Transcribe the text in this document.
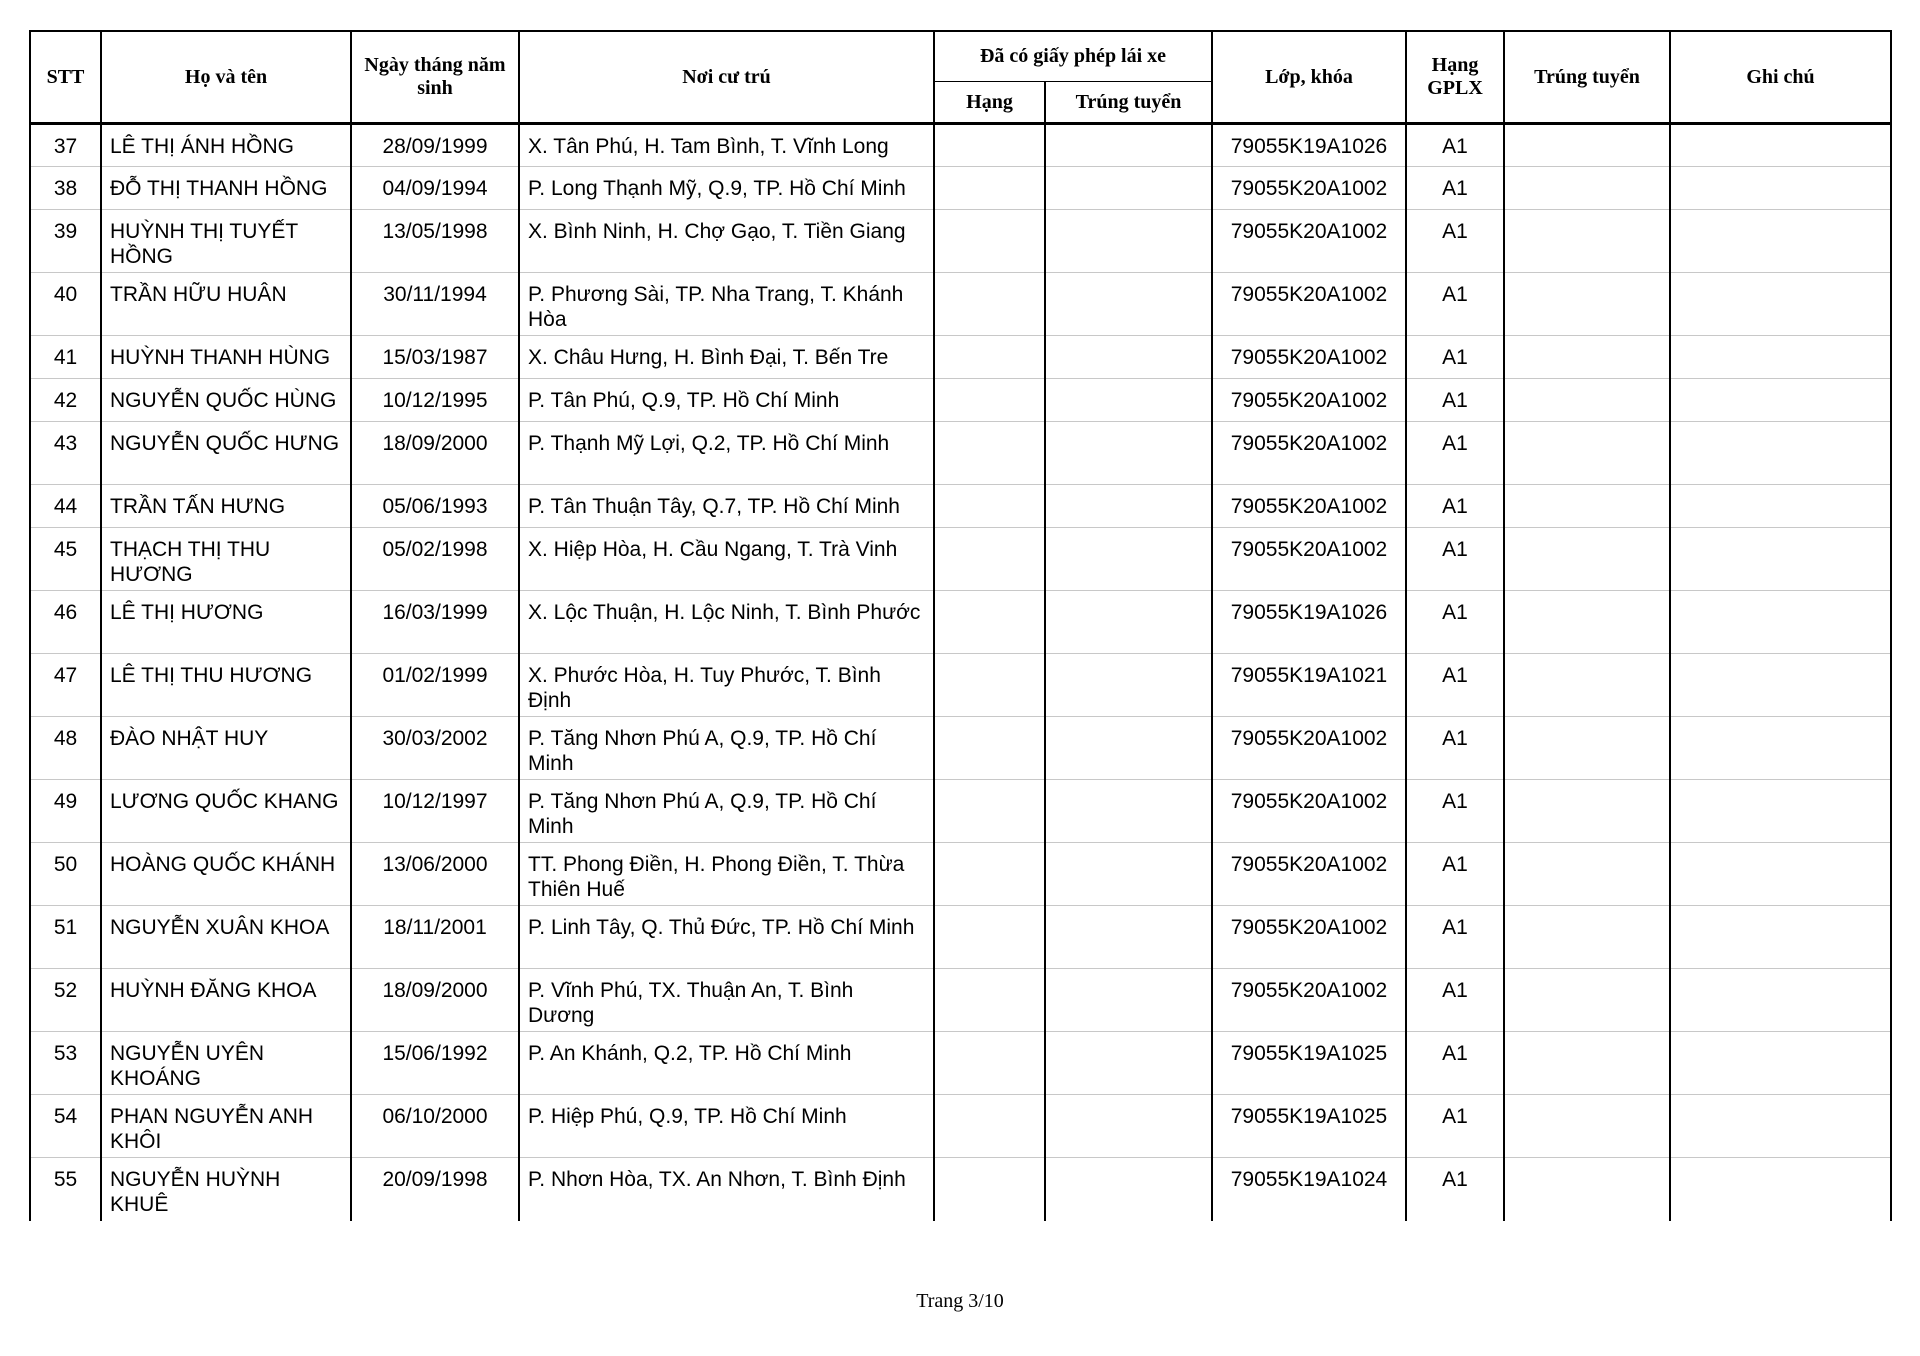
STT	Họ và tên	Ngày tháng năm sinh	Nơi cư trú	Đã có giấy phép lái xe		Lớp, khóa	Hạng GPLX	Trúng tuyển	Ghi chú
				Hạng	Trúng tuyển				
37	LÊ THỊ ÁNH HỒNG	28/09/1999	X. Tân Phú, H. Tam Bình, T. Vĩnh Long			79055K19A1026	A1		
38	ĐỖ THỊ THANH HỒNG	04/09/1994	P. Long Thạnh Mỹ, Q.9, TP. Hồ Chí Minh			79055K20A1002	A1		
39	HUỲNH THỊ TUYẾT HỒNG	13/05/1998	X. Bình Ninh, H. Chợ Gạo, T. Tiền Giang			79055K20A1002	A1		
40	TRẦN HỮU HUÂN	30/11/1994	P. Phương Sài, TP. Nha Trang, T. Khánh Hòa			79055K20A1002	A1		
41	HUỲNH THANH HÙNG	15/03/1987	X. Châu Hưng, H. Bình Đại, T. Bến Tre			79055K20A1002	A1		
42	NGUYỄN QUỐC HÙNG	10/12/1995	P. Tân Phú, Q.9, TP. Hồ Chí Minh			79055K20A1002	A1		
43	NGUYỄN QUỐC HƯNG	18/09/2000	P. Thạnh Mỹ Lợi, Q.2, TP. Hồ Chí Minh			79055K20A1002	A1		
44	TRẦN TẤN HƯNG	05/06/1993	P. Tân Thuận Tây, Q.7, TP. Hồ Chí Minh			79055K20A1002	A1		
45	THẠCH THỊ THU HƯƠNG	05/02/1998	X. Hiệp Hòa, H. Cầu Ngang, T. Trà Vinh			79055K20A1002	A1		
46	LÊ THỊ HƯƠNG	16/03/1999	X. Lộc Thuận, H. Lộc Ninh, T. Bình Phước			79055K19A1026	A1		
47	LÊ THỊ THU HƯƠNG	01/02/1999	X. Phước Hòa, H. Tuy Phước, T. Bình Định			79055K19A1021	A1		
48	ĐÀO NHẬT HUY	30/03/2002	P. Tăng Nhơn Phú A, Q.9, TP. Hồ Chí Minh			79055K20A1002	A1		
49	LƯƠNG QUỐC KHANG	10/12/1997	P. Tăng Nhơn Phú A, Q.9, TP. Hồ Chí Minh			79055K20A1002	A1		
50	HOÀNG QUỐC KHÁNH	13/06/2000	TT. Phong Điền, H. Phong Điền, T. Thừa Thiên Huế			79055K20A1002	A1		
51	NGUYỄN XUÂN KHOA	18/11/2001	P. Linh Tây, Q. Thủ Đức, TP. Hồ Chí Minh			79055K20A1002	A1		
52	HUỲNH ĐĂNG KHOA	18/09/2000	P. Vĩnh Phú, TX. Thuận An, T. Bình Dương			79055K20A1002	A1		
53	NGUYỄN UYÊN KHOÁNG	15/06/1992	P. An Khánh, Q.2, TP. Hồ Chí Minh			79055K19A1025	A1		
54	PHAN NGUYỄN ANH KHÔI	06/10/2000	P. Hiệp Phú, Q.9, TP. Hồ Chí Minh			79055K19A1025	A1		
55	NGUYỄN HUỲNH KHUÊ	20/09/1998	P. Nhơn Hòa, TX. An Nhơn, T. Bình Định			79055K19A1024	A1		
Trang 3/10
